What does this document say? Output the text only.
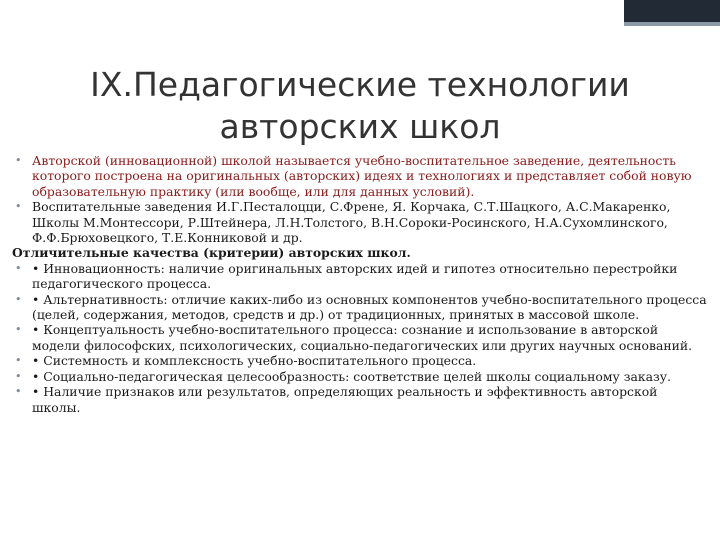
IX.Педагогические технологии
авторских школ
• Авторской (инновационной) школой называется учебно-воспитательное заведение, деятельность которого построена на оригинальных (авторских) идеях и технологиях и представляет собой новую образовательную практику (или вообще, или для данных условий).
• Воспитательные заведения И.Г.Песталоцци, С.Френе, Я. Корчака, С.Т.Шацкого, А.С.Макаренко, Школы М.Монтессори, Р.Штейнера, Л.Н.Толстого, В.Н.Сороки-Росинского, Н.А.Сухомлинского, Ф.Ф.Брюховецкого, Т.Е.Конниковой и др.
Отличительные качества (критерии) авторских школ.
• • Инновационность: наличие оригинальных авторских идей и гипотез относительно перестройки педагогического процесса.
• • Альтернативность: отличие каких-либо из основных компонентов учебно-воспитательного процесса (целей, содержания, методов, средств и др.) от традиционных, принятых в массовой школе.
• • Концептуальность учебно-воспитательного процесса: сознание и использование в авторской модели философских, психологических, социально-педагогических или других научных оснований.
• • Системность и комплексность учебно-воспитательного процесса.
• • Социально-педагогическая целесообразность: соответствие целей школы социальному заказу.
• • Наличие признаков или результатов, определяющих реальность и эффективность авторской школы.
